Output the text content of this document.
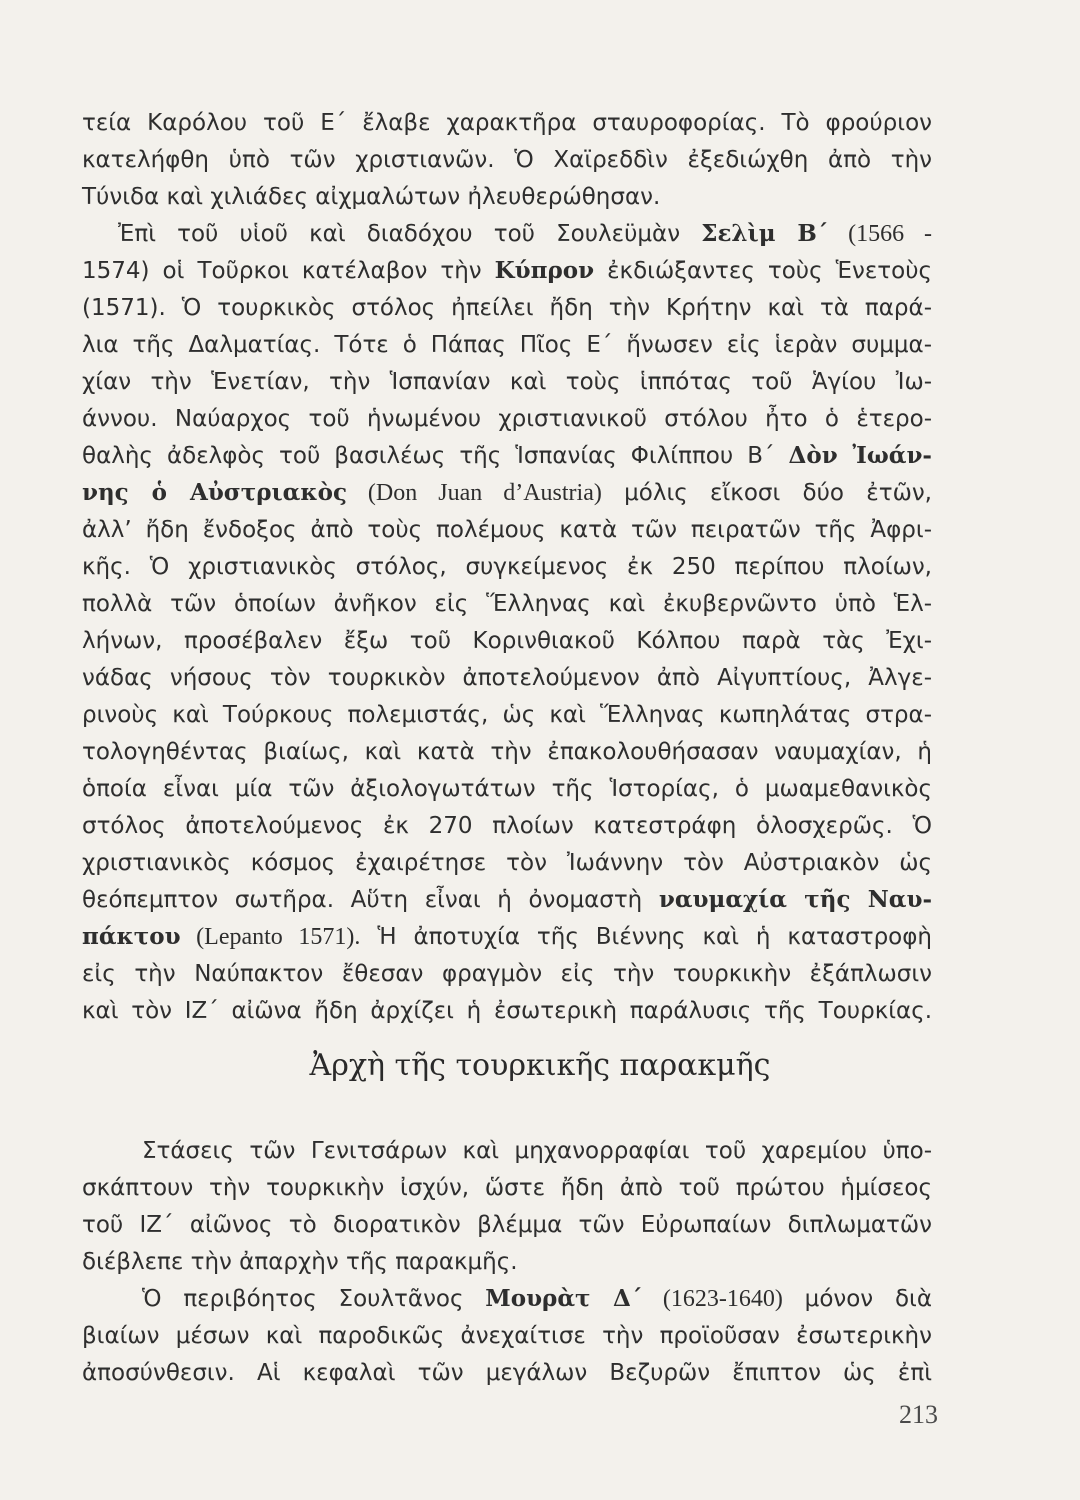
τεία Καρόλου τοῦ Ε΄ ἔλαβε χαρακτῆρα σταυροφορίας. Τὸ φρούριον
κατελήφθη ὑπὸ τῶν χριστιανῶν. Ὁ Χαϊρεδδὶν ἐξεδιώχθη ἀπὸ τὴν
Τύνιδα καὶ χιλιάδες αἰχμαλώτων ἠλευθερώθησαν.
Ἐπὶ τοῦ υἱοῦ καὶ διαδόχου τοῦ Σουλεϋμὰν Σελὶμ Β΄ (1566 -
1574) οἱ Τοῦρκοι κατέλαβον τὴν Κύπρον ἐκδιώξαντες τοὺς Ἑνετοὺς
(1571). Ὁ τουρκικὸς στόλος ἠπείλει ἤδη τὴν Κρήτην καὶ τὰ παρά-
λια τῆς Δαλματίας. Τότε ὁ Πάπας Πῖος Ε΄ ἥνωσεν εἰς ἱερὰν συμμα-
χίαν τὴν Ἑνετίαν, τὴν Ἱσπανίαν καὶ τοὺς ἱππότας τοῦ Ἁγίου Ἰω-
άννου. Ναύαρχος τοῦ ἡνωμένου χριστιανικοῦ στόλου ἦτο ὁ ἑτερο-
θαλὴς ἀδελφὸς τοῦ βασιλέως τῆς Ἱσπανίας Φιλίππου Β΄ Δὸν Ἰωάν-
νης ὁ Αὐστριακὸς (Don Juan d’Austria) μόλις εἴκοσι δύο ἐτῶν,
ἀλλ’ ἤδη ἔνδοξος ἀπὸ τοὺς πολέμους κατὰ τῶν πειρατῶν τῆς Ἀφρι-
κῆς. Ὁ χριστιανικὸς στόλος, συγκείμενος ἐκ 250 περίπου πλοίων,
πολλὰ τῶν ὁποίων ἀνῆκον εἰς Ἕλληνας καὶ ἐκυβερνῶντο ὑπὸ Ἑλ-
λήνων, προσέβαλεν ἔξω τοῦ Κορινθιακοῦ Κόλπου παρὰ τὰς Ἐχι-
νάδας νήσους τὸν τουρκικὸν ἀποτελούμενον ἀπὸ Αἰγυπτίους, Ἀλγε-
ρινοὺς καὶ Τούρκους πολεμιστάς, ὡς καὶ Ἕλληνας κωπηλάτας στρα-
τολογηθέντας βιαίως, καὶ κατὰ τὴν ἐπακολουθήσασαν ναυμαχίαν, ἡ
ὁποία εἶναι μία τῶν ἀξιολογωτάτων τῆς Ἱστορίας, ὁ μωαμεθανικὸς
στόλος ἀποτελούμενος ἐκ 270 πλοίων κατεστράφη ὁλοσχερῶς. Ὁ
χριστιανικὸς κόσμος ἐχαιρέτησε τὸν Ἰωάννην τὸν Αὐστριακὸν ὡς
θεόπεμπτον σωτῆρα. Αὕτη εἶναι ἡ ὀνομαστὴ ναυμαχία τῆς Ναυ-
πάκτου (Lepanto 1571). Ἡ ἀποτυχία τῆς Βιέννης καὶ ἡ καταστροφὴ
εἰς τὴν Ναύπακτον ἔθεσαν φραγμὸν εἰς τὴν τουρκικὴν ἐξάπλωσιν
καὶ τὸν ΙΖ΄ αἰῶνα ἤδη ἀρχίζει ἡ ἐσωτερικὴ παράλυσις τῆς Τουρκίας.
Ἀρχὴ τῆς τουρκικῆς παρακμῆς
Στάσεις τῶν Γενιτσάρων καὶ μηχανορραφίαι τοῦ χαρεμίου ὑπο-
σκάπτουν τὴν τουρκικὴν ἰσχύν, ὥστε ἤδη ἀπὸ τοῦ πρώτου ἡμίσεος
τοῦ ΙΖ΄ αἰῶνος τὸ διορατικὸν βλέμμα τῶν Εὐρωπαίων διπλωματῶν
διέβλεπε τὴν ἀπαρχὴν τῆς παρακμῆς.
Ὁ περιβόητος Σουλτᾶνος Μουρὰτ Δ΄ (1623-1640) μόνον διὰ
βιαίων μέσων καὶ παροδικῶς ἀνεχαίτισε τὴν προϊοῦσαν ἐσωτερικὴν
ἀποσύνθεσιν. Αἱ κεφαλαὶ τῶν μεγάλων Βεζυρῶν ἔπιπτον ὡς ἐπὶ
213
